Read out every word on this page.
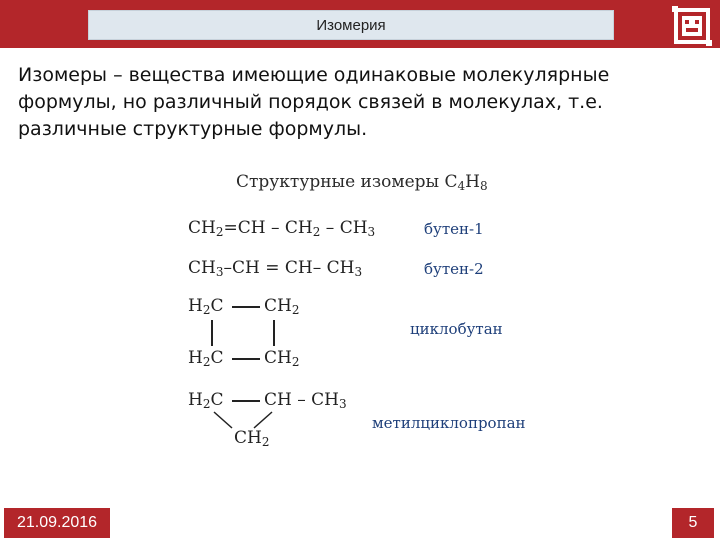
Изомерия
Изомеры – вещества имеющие одинаковые молекулярные формулы, но различный порядок связей в молекулах, т.е. различные структурные формулы.
Структурные изомеры $C_4H_8$
$CH_2=CH - CH_2 - CH_3$	бутен-1
$CH_3-CH = CH-$ $CH_3$	бутен-2
$H_2C$ $CH_2$
$H_2C$ $CH_2$
циклобутан
$H_2C$ CH – $CH_3$
$CH_2$
метилциклопропан
21.09.2016	5
